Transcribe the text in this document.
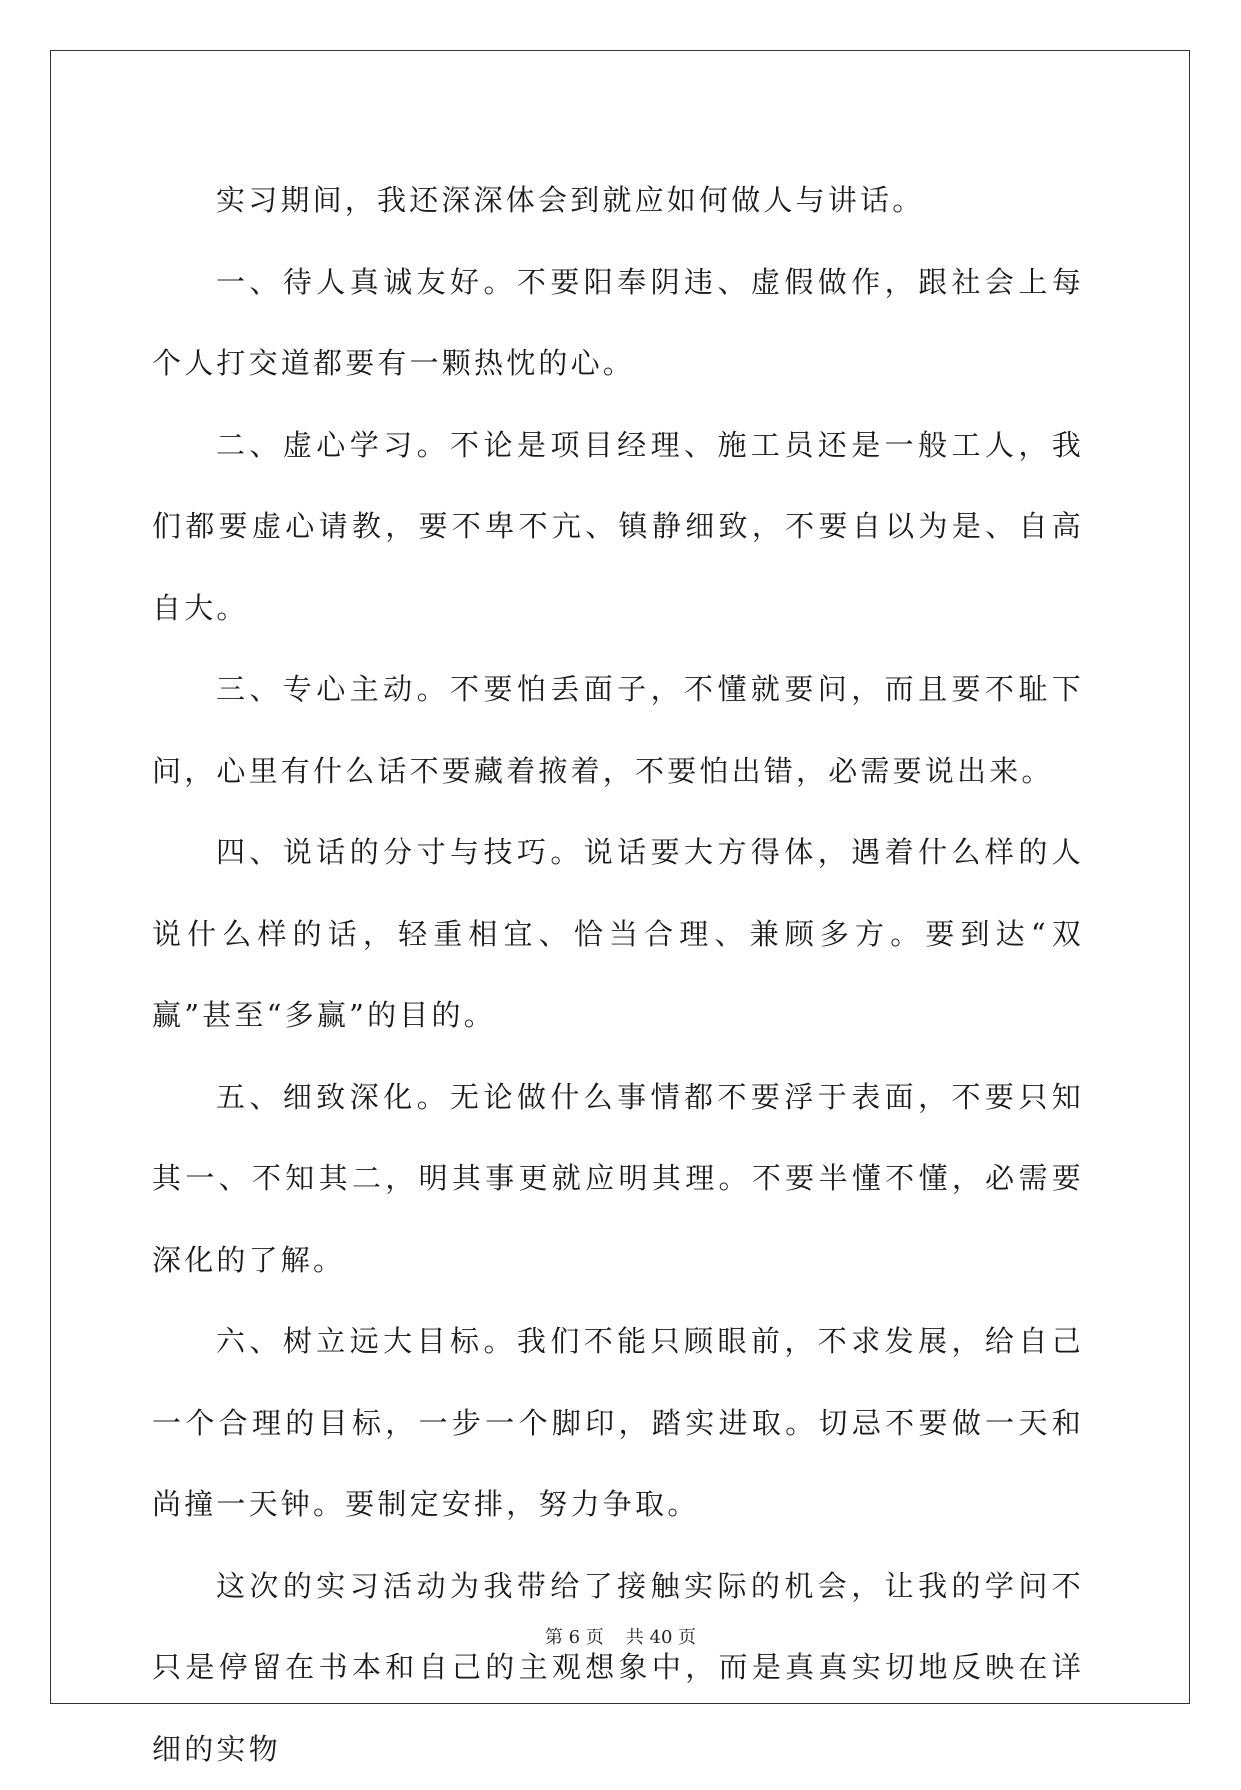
实习期间，我还深深体会到就应如何做人与讲话。

一、待人真诚友好。不要阳奉阴违、虚假做作，跟社会上每个人打交道都要有一颗热忱的心。

二、虚心学习。不论是项目经理、施工员还是一般工人，我们都要虚心请教，要不卑不亢、镇静细致，不要自以为是、自高自大。

三、专心主动。不要怕丢面子，不懂就要问，而且要不耻下问，心里有什么话不要藏着掖着，不要怕出错，必需要说出来。

四、说话的分寸与技巧。说话要大方得体，遇着什么样的人说什么样的话，轻重相宜、恰当合理、兼顾多方。要到达“双赢”甚至“多赢”的目的。

五、细致深化。无论做什么事情都不要浮于表面，不要只知其一、不知其二，明其事更就应明其理。不要半懂不懂，必需要深化的了解。

六、树立远大目标。我们不能只顾眼前，不求发展，给自己一个合理的目标，一步一个脚印，踏实进取。切忌不要做一天和尚撞一天钟。要制定安排，努力争取。

这次的实习活动为我带给了接触实际的机会，让我的学问不只是停留在书本和自己的主观想象中，而是真真实切地反映在详细的实物

第 6 页 共 40 页
